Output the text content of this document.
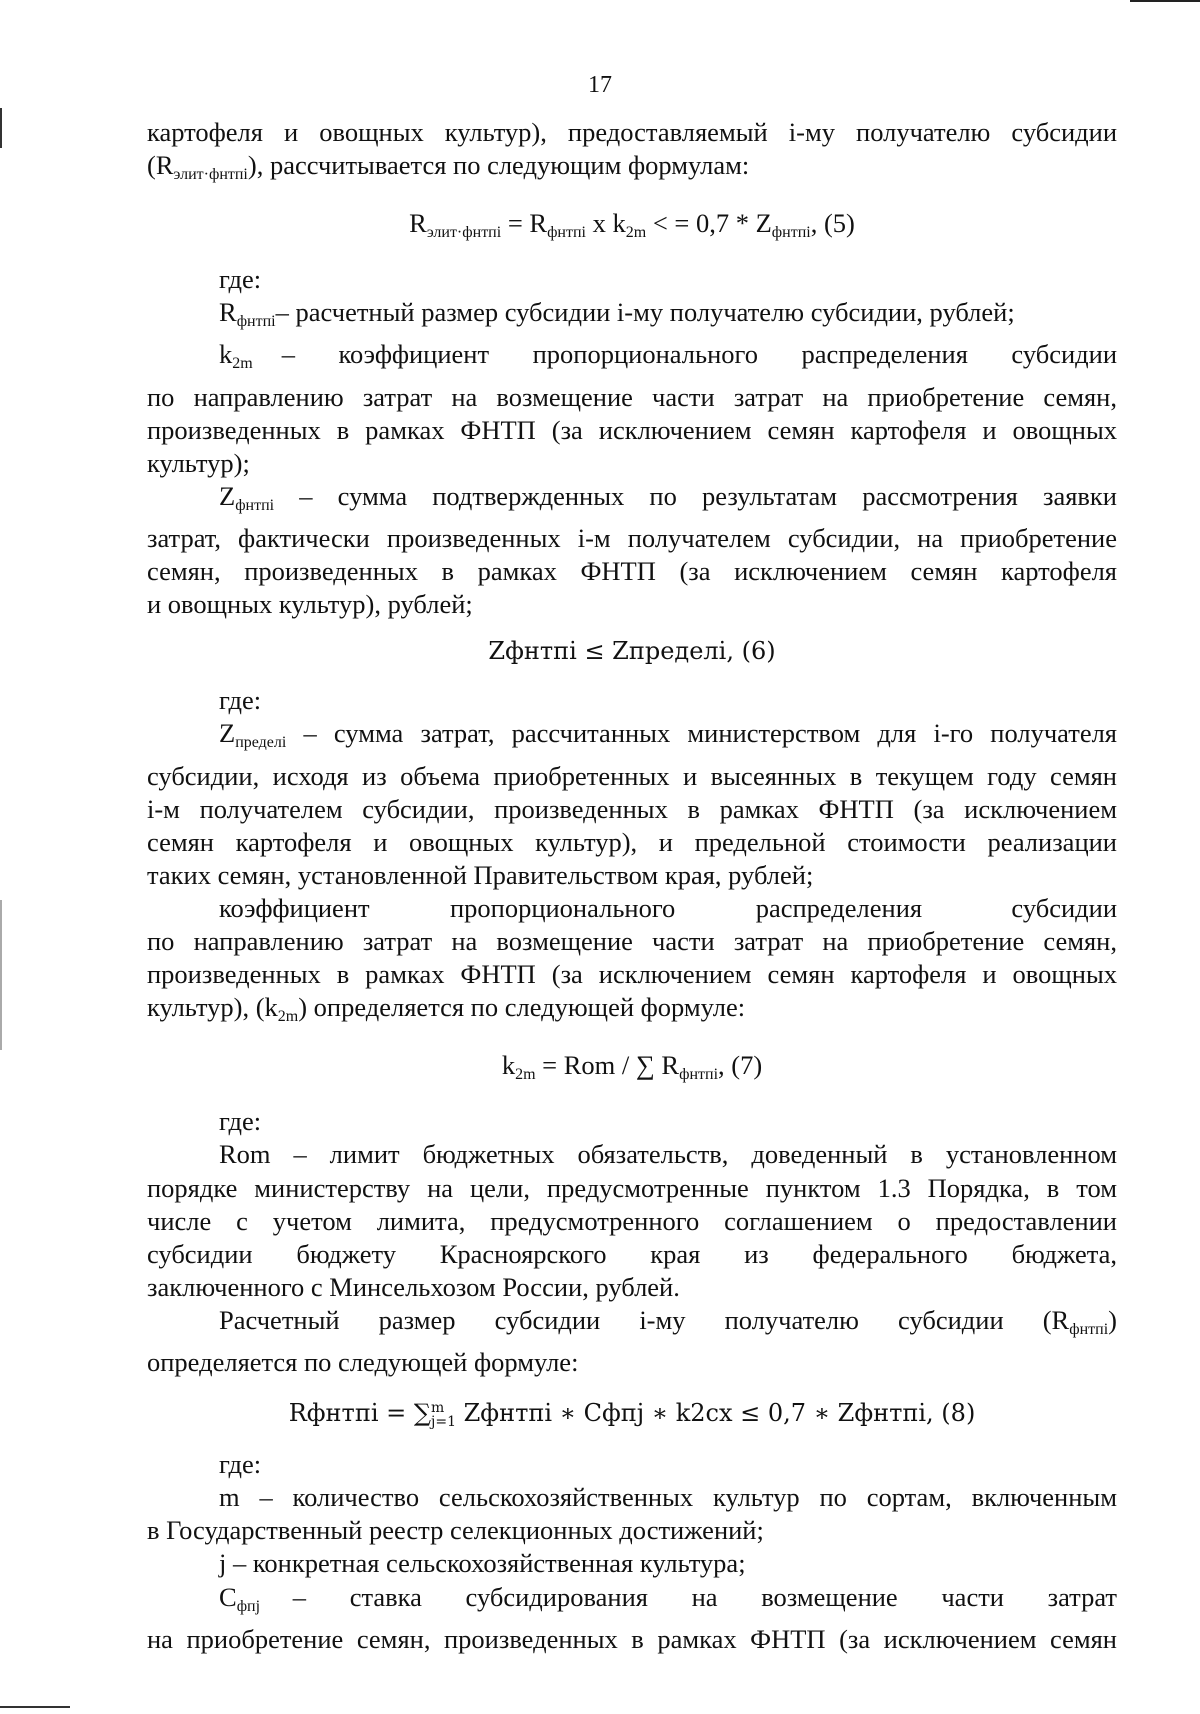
17

картофеля и овощных культур), предоставляемый i-му получателю субсидии

$(R_{элит\cdot фнтпi})$, рассчитывается по следующим формулам:

$R_{элит\cdot фнтпi} = R_{фнтпi}$ x $k_{2m}$ < = $0,7 * Z_{фнтпi}$, (5)

где:

$R_{фнтпi}-$ расчетный размер субсидии i-му получателю субсидии, рублей;

$k_{2m}$  –   коэффициент   пропорционального   распределения   субсидии

по направлению затрат на возмещение части затрат на приобретение семян,

произведенных в рамках ФНТП (за исключением семян картофеля и овощных

культур);

$Z_{фнтпi}$ – сумма подтвержденных по результатам рассмотрения заявки

затрат, фактически произведенных i-м получателем субсидии, на приобретение

семян, произведенных в рамках ФНТП (за исключением семян картофеля

и овощных культур), рублей;

Zфнтпi ≤ Zпределi, (6)

где:

$Z_{пределi}$ – сумма затрат, рассчитанных министерством для i-го получателя

субсидии, исходя из объема приобретенных и высеянных в текущем году семян

i-м получателем субсидии, произведенных в рамках ФНТП (за исключением

семян картофеля и овощных культур), и предельной стоимости реализации

таких семян, установленной Правительством края, рублей;

коэффициент         пропорционального         распределения          субсидии

по направлению затрат на возмещение части затрат на приобретение семян,

произведенных в рамках ФНТП (за исключением семян картофеля и овощных

культур), $(k_{2m})$ определяется по следующей формуле:

$k_{2m}$ = Rom / ∑ $R_{фнтпi}$, (7)

где:

Rom – лимит бюджетных обязательств, доведенный в установленном

порядке министерству на цели, предусмотренные пунктом 1.3 Порядка, в том

числе с учетом лимита, предусмотренного соглашением о предоставлении

субсидии    бюджету    Красноярского    края    из    федерального    бюджета,

заключенного с Минсельхозом России, рублей.

Расчетный  размер  субсидии  i-му  получателю  субсидии  $(R_{фнтпi})$

определяется по следующей формуле:

Rфнтпi = ∑ m
j=1 Zфнтпi ∗ Cфпj ∗ k2cx ≤ 0,7 ∗ Zфнтпi, (8)

где:

m – количество сельскохозяйственных культур по сортам, включенным

в Государственный реестр селекционных достижений;

j – конкретная сельскохозяйственная культура;

$C_{фпj}$   –    ставка    субсидирования    на    возмещение    части    затрат

на приобретение семян, произведенных в рамках ФНТП (за исключением семян
